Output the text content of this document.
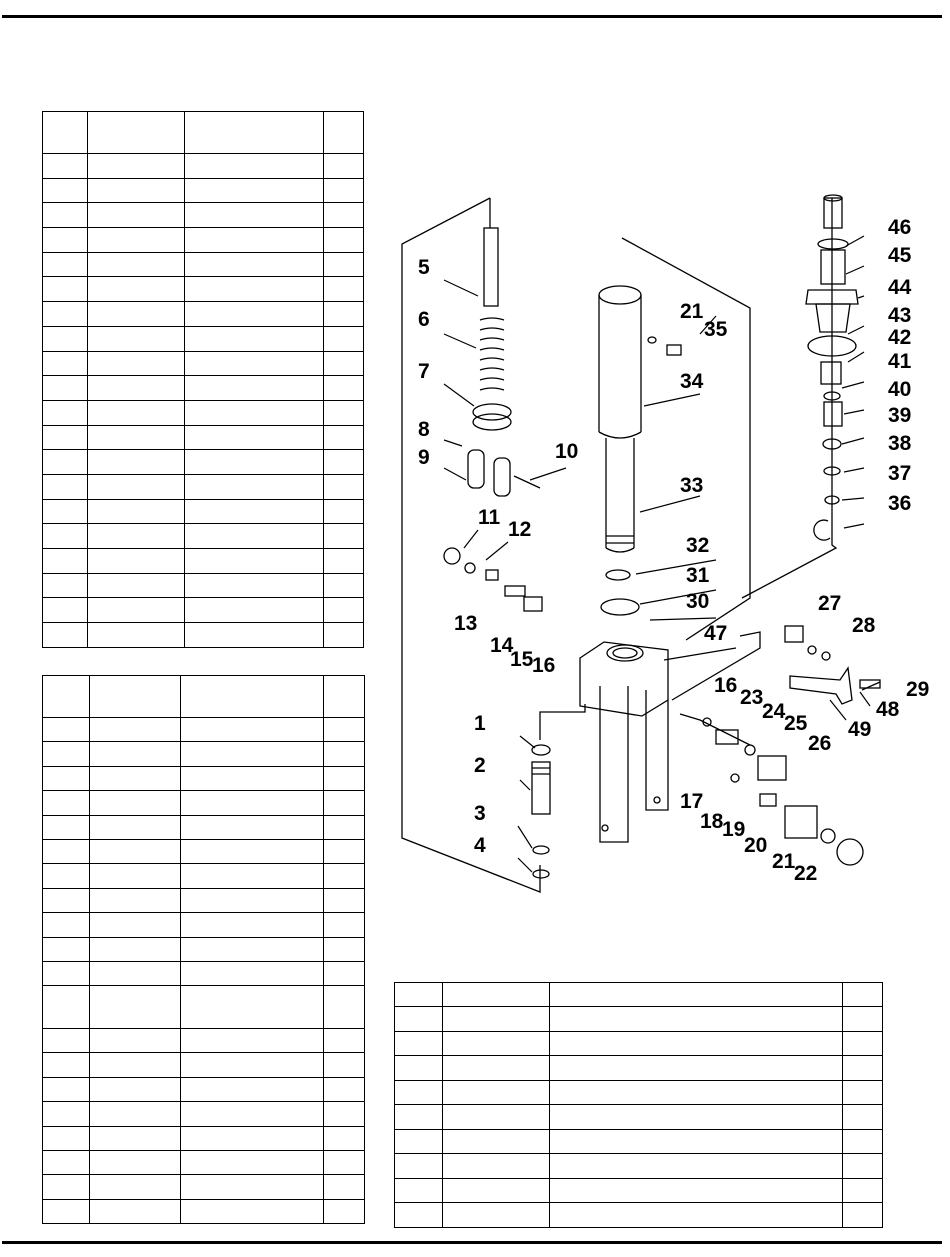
1
2
3
4
5
6
7
8
9	10
11
12
13
14
15
16
16
17
18
19
20
21
21
22
23
24
25
26
27
28
29
30
31
32
33
34
35
36
37
38
39
40
41
42
43
44
45
46
47
48
49
